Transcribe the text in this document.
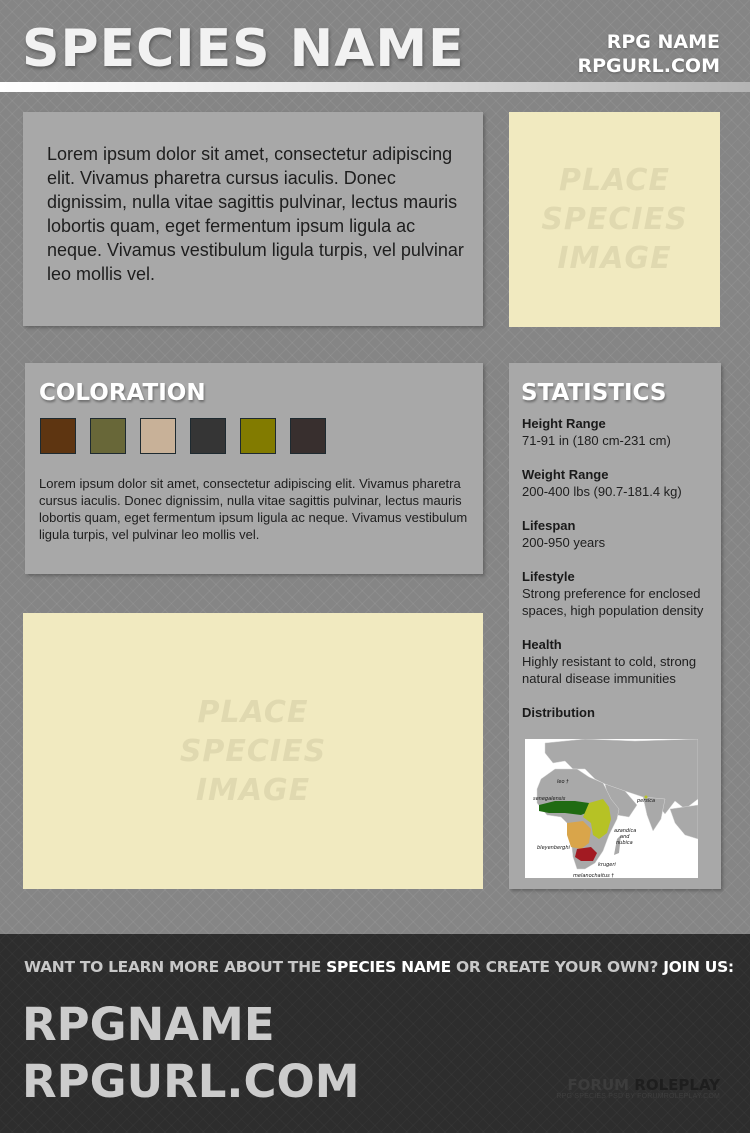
SPECIES NAME	RPG NAME
RPGURL.COM

Lorem ipsum dolor sit amet, consectetur adipiscing elit. Vivamus pharetra cursus iaculis. Donec dignissim, nulla vitae sagittis pulvinar, lectus mauris lobortis quam, eget fermentum ipsum ligula ac neque. Vivamus vestibulum ligula turpis, vel pulvinar leo mollis vel.

PLACE
SPECIES
IMAGE
COLORATION

Lorem ipsum dolor sit amet, consectetur adipiscing elit. Vivamus pharetra cursus iaculis. Donec dignissim, nulla vitae sagittis pulvinar, lectus mauris lobortis quam, eget fermentum ipsum ligula ac neque. Vivamus vestibulum ligula turpis, vel pulvinar leo mollis vel.

PLACE
SPECIES
IMAGE
STATISTICS
Height Range
71-91 in (180 cm-231 cm)
Weight Range
200-400 lbs (90.7-181.4 kg)
Lifespan
200-950 years
Lifestyle
Strong preference for enclosed spaces, high population density
Health
Highly resistant to cold, strong natural disease immunities
Distribution
leo †
senegalensis	persica
azandica
and
nubica
bleyenberghi
krugeri
melanochaitus †
WANT TO LEARN MORE ABOUT THE SPECIES NAME OR CREATE YOUR OWN? JOIN US:
RPGNAME
RPGURL.COM	FORUM ROLEPLAY
RPG SPECIES PSD BY FORUMROLEPLAY.COM
